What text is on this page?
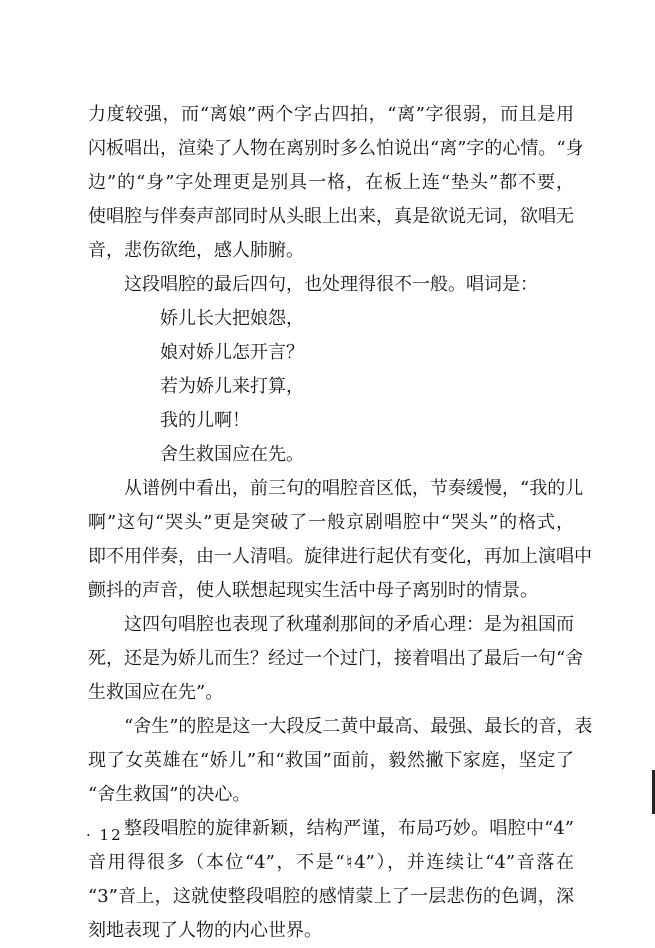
力度较强，而“离娘”两个字占四拍，“离”字很弱，而且是用
闪板唱出，渲染了人物在离别时多么怕说出“离”字的心情。“身
边”的“身”字处理更是别具一格，在板上连“垫头”都不要，
使唱腔与伴奏声部同时从头眼上出来，真是欲说无词，欲唱无
音，悲伤欲绝，感人肺腑。
这段唱腔的最后四句，也处理得很不一般。唱词是：
娇儿长大把娘怨，
娘对娇儿怎开言？
若为娇儿来打算，
我的儿啊！
舍生救国应在先。
从谱例中看出，前三句的唱腔音区低，节奏缓慢，“我的儿
啊”这句“哭头”更是突破了一般京剧唱腔中“哭头”的格式，
即不用伴奏，由一人清唱。旋律进行起伏有变化，再加上演唱中
颤抖的声音，使人联想起现实生活中母子离别时的情景。
这四句唱腔也表现了秋瑾刹那间的矛盾心理：是为祖国而
死，还是为娇儿而生？经过一个过门，接着唱出了最后一句“舍
生救国应在先”。
“舍生”的腔是这一大段反二黄中最高、最强、最长的音，表
现了女英雄在“娇儿”和“救国”面前，毅然撇下家庭，坚定了
“舍生救国”的决心。
整段唱腔的旋律新颖，结构严谨，布局巧妙。唱腔中“4”
音用得很多（本位“4”，不是“♮4”），并连续让“4”音落在
“3”音上，这就使整段唱腔的感情蒙上了一层悲伤的色调，深
刻地表现了人物的内心世界。
· 12 ·
